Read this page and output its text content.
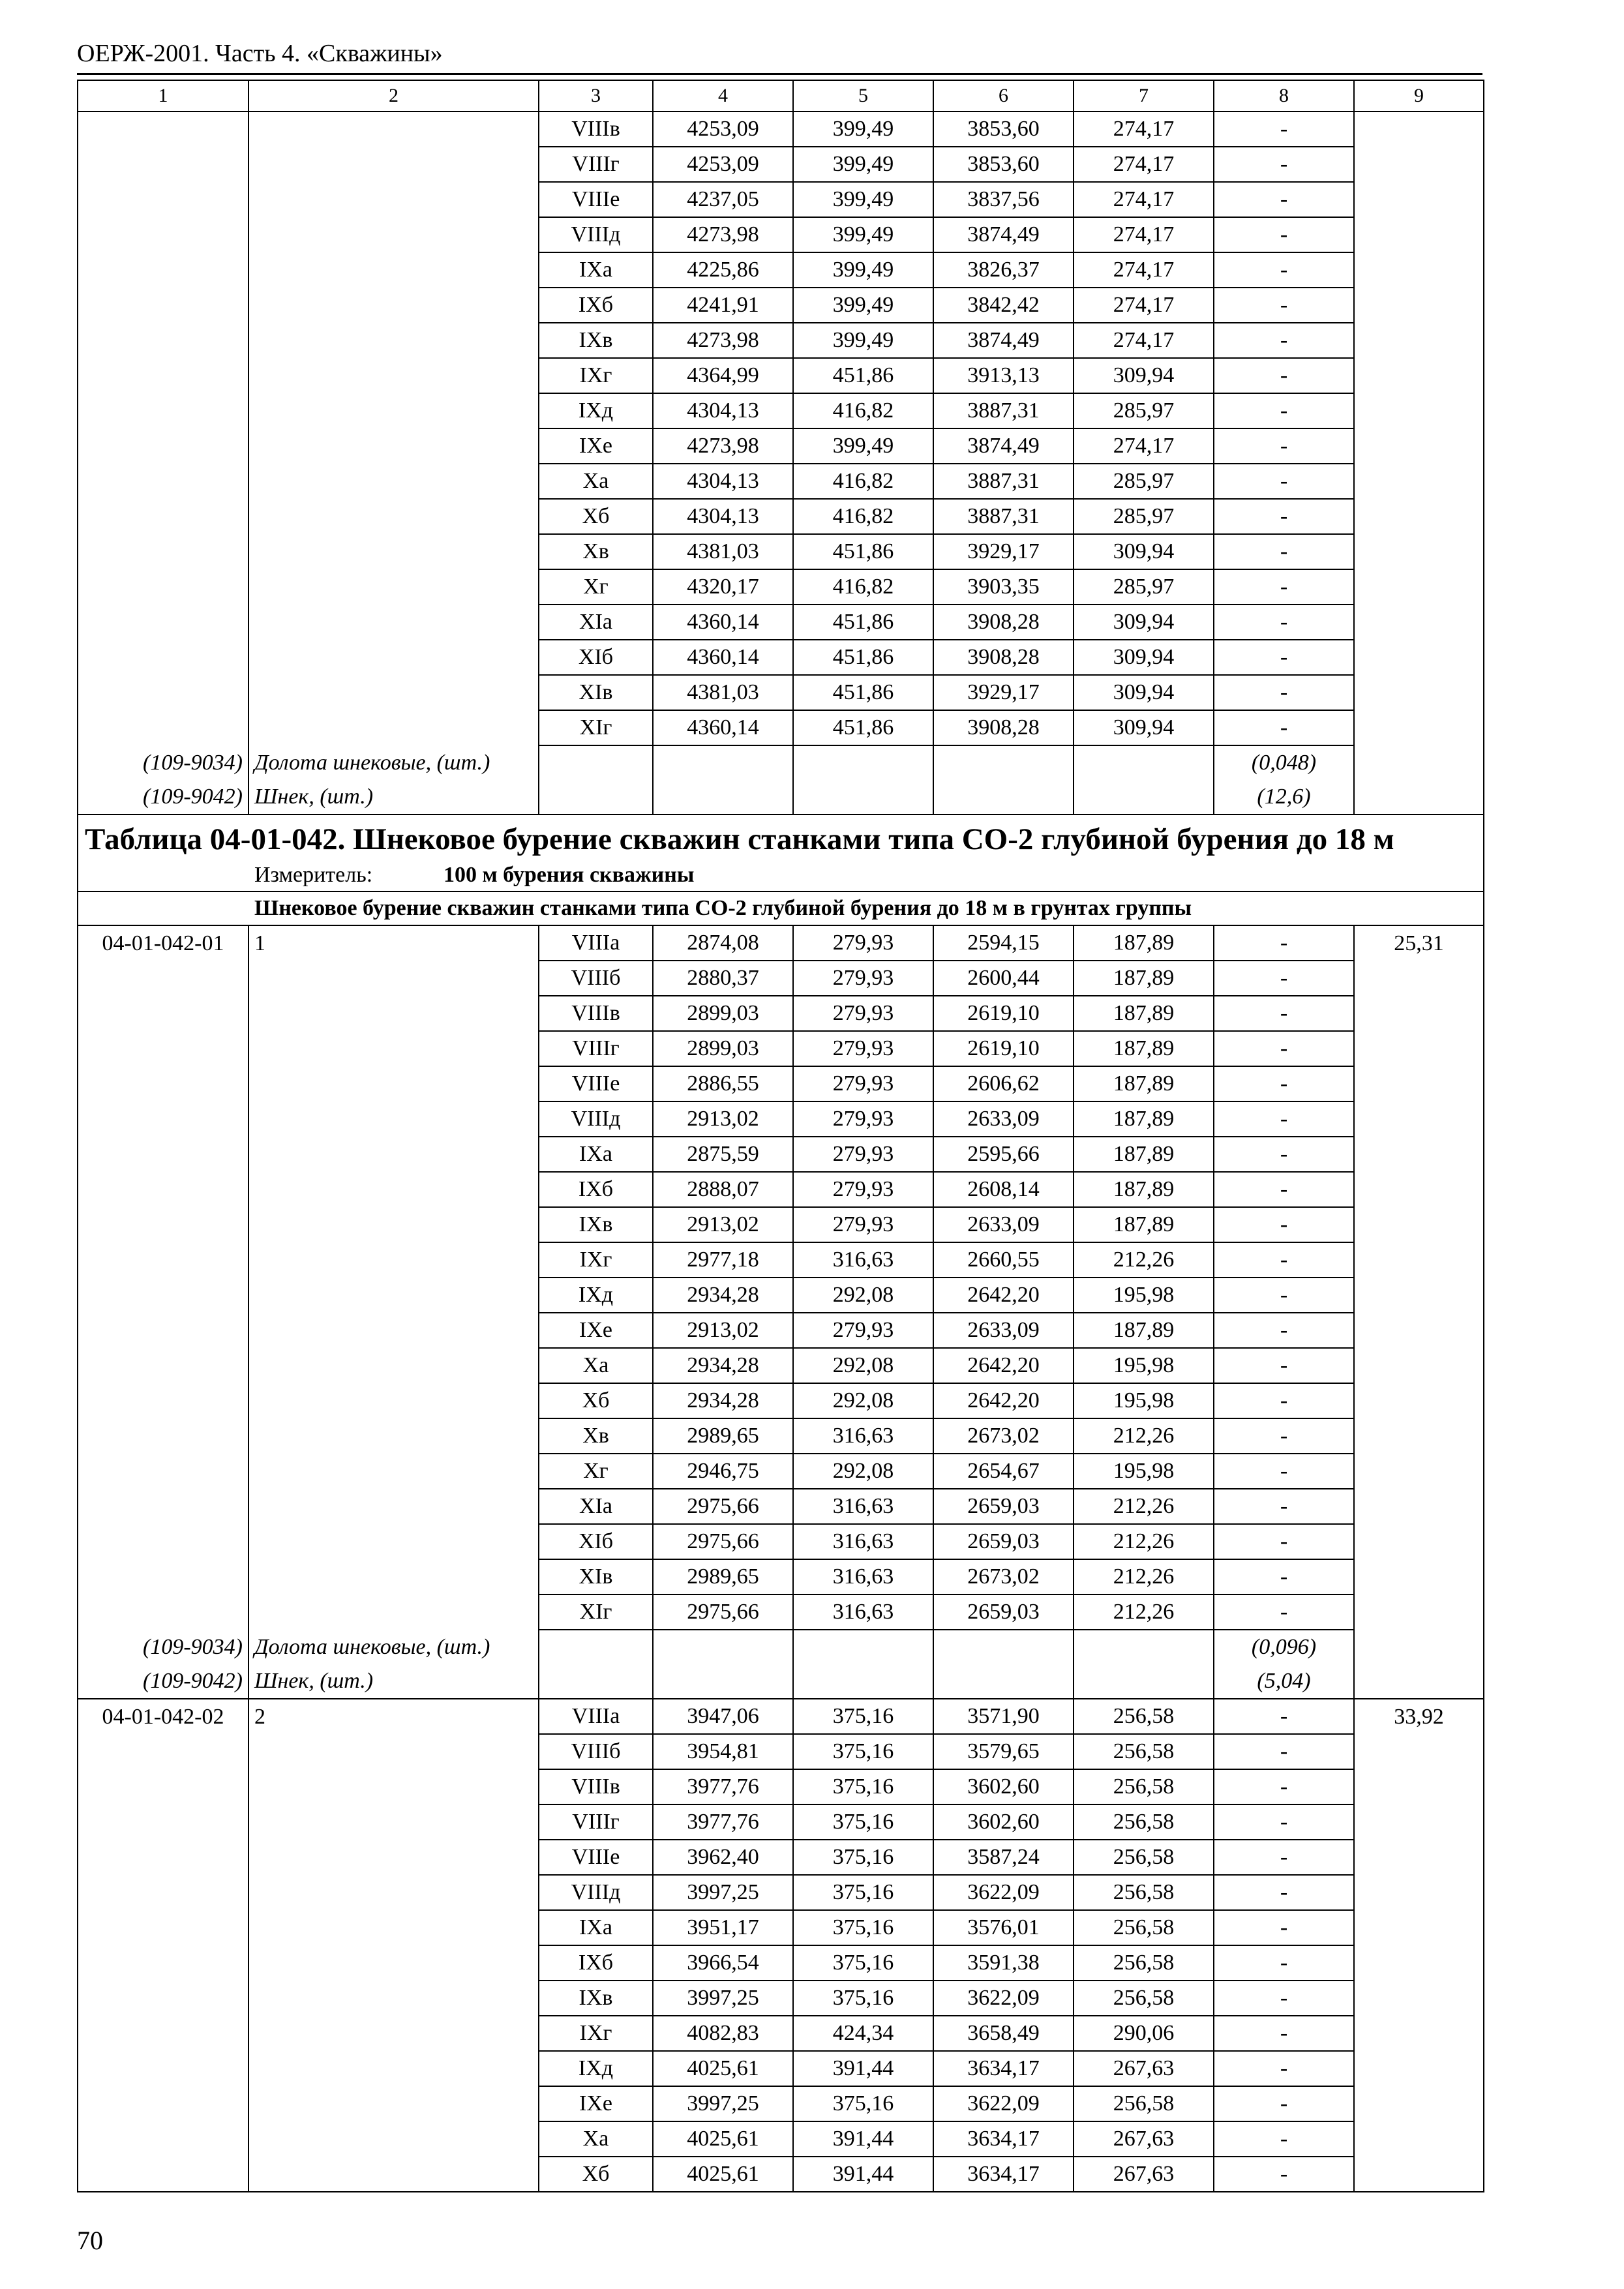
ОЕРЖ-2001. Часть 4. «Скважины»
1	2	3	4	5	6	7	8	9
		VIIIв	4253,09	399,49	3853,60	274,17	-	
		VIIIг	4253,09	399,49	3853,60	274,17	-	
		VIIIе	4237,05	399,49	3837,56	274,17	-	
		VIIIд	4273,98	399,49	3874,49	274,17	-	
		IXа	4225,86	399,49	3826,37	274,17	-	
		IXб	4241,91	399,49	3842,42	274,17	-	
		IXв	4273,98	399,49	3874,49	274,17	-	
		IXг	4364,99	451,86	3913,13	309,94	-	
		IXд	4304,13	416,82	3887,31	285,97	-	
		IXе	4273,98	399,49	3874,49	274,17	-	
		Xа	4304,13	416,82	3887,31	285,97	-	
		Xб	4304,13	416,82	3887,31	285,97	-	
		Xв	4381,03	451,86	3929,17	309,94	-	
		Xг	4320,17	416,82	3903,35	285,97	-	
		XIа	4360,14	451,86	3908,28	309,94	-	
		XIб	4360,14	451,86	3908,28	309,94	-	
		XIв	4381,03	451,86	3929,17	309,94	-	
		XIг	4360,14	451,86	3908,28	309,94	-	
(109-9034)	Долота шнековые, (шт.)						(0,048)	
(109-9042)	Шнек, (шт.)						(12,6)	
Таблица 04-01-042. Шнековое бурение скважин станками типа СО-2 глубиной бурения до 18 м								
Измеритель: 100 м бурения скважины								
Шнековое бурение скважин станками типа СО-2 глубиной бурения до 18 м в грунтах группы								
04-01-042-01	1	VIIIа	2874,08	279,93	2594,15	187,89	-	25,31
		VIIIб	2880,37	279,93	2600,44	187,89	-	
		VIIIв	2899,03	279,93	2619,10	187,89	-	
		VIIIг	2899,03	279,93	2619,10	187,89	-	
		VIIIе	2886,55	279,93	2606,62	187,89	-	
		VIIIд	2913,02	279,93	2633,09	187,89	-	
		IXа	2875,59	279,93	2595,66	187,89	-	
		IXб	2888,07	279,93	2608,14	187,89	-	
		IXв	2913,02	279,93	2633,09	187,89	-	
		IXг	2977,18	316,63	2660,55	212,26	-	
		IXд	2934,28	292,08	2642,20	195,98	-	
		IXе	2913,02	279,93	2633,09	187,89	-	
		Xа	2934,28	292,08	2642,20	195,98	-	
		Xб	2934,28	292,08	2642,20	195,98	-	
		Xв	2989,65	316,63	2673,02	212,26	-	
		Xг	2946,75	292,08	2654,67	195,98	-	
		XIа	2975,66	316,63	2659,03	212,26	-	
		XIб	2975,66	316,63	2659,03	212,26	-	
		XIв	2989,65	316,63	2673,02	212,26	-	
		XIг	2975,66	316,63	2659,03	212,26	-	
(109-9034)	Долота шнековые, (шт.)						(0,096)	
(109-9042)	Шнек, (шт.)						(5,04)	
04-01-042-02	2	VIIIа	3947,06	375,16	3571,90	256,58	-	33,92
		VIIIб	3954,81	375,16	3579,65	256,58	-	
		VIIIв	3977,76	375,16	3602,60	256,58	-	
		VIIIг	3977,76	375,16	3602,60	256,58	-	
		VIIIе	3962,40	375,16	3587,24	256,58	-	
		VIIIд	3997,25	375,16	3622,09	256,58	-	
		IXа	3951,17	375,16	3576,01	256,58	-	
		IXб	3966,54	375,16	3591,38	256,58	-	
		IXв	3997,25	375,16	3622,09	256,58	-	
		IXг	4082,83	424,34	3658,49	290,06	-	
		IXд	4025,61	391,44	3634,17	267,63	-	
		IXе	3997,25	375,16	3622,09	256,58	-	
		Xа	4025,61	391,44	3634,17	267,63	-	
		Xб	4025,61	391,44	3634,17	267,63	-	
70
